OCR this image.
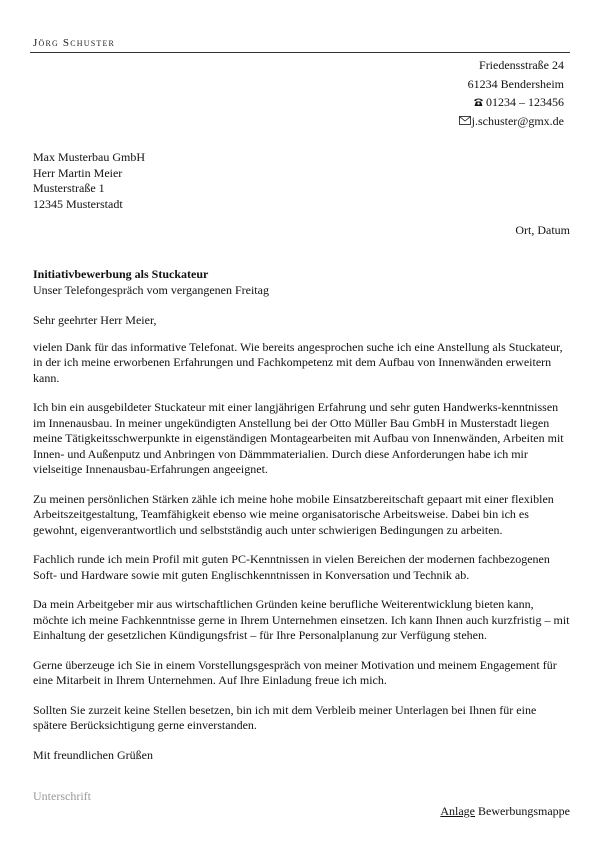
Jörg Schuster
Friedensstraße 24
61234 Bendersheim
01234 – 123456
j.schuster@gmx.de
Max Musterbau GmbH
Herr Martin Meier
Musterstraße 1
12345 Musterstadt
Ort, Datum
Initiativbewerbung als Stuckateur
Unser Telefongespräch vom vergangenen Freitag

Sehr geehrter Herr Meier,

vielen Dank für das informative Telefonat. Wie bereits angesprochen suche ich eine Anstellung als Stuckateur, in der ich meine erworbenen Erfahrungen und Fachkompetenz mit dem Aufbau von Innenwänden erweitern kann.

Ich bin ein ausgebildeter Stuckateur mit einer langjährigen Erfahrung und sehr guten Handwerks-kenntnissen im Innenausbau. In meiner ungekündigten Anstellung bei der Otto Müller Bau GmbH in Musterstadt liegen meine Tätigkeitsschwerpunkte in eigenständigen Montagearbeiten mit Aufbau von Innenwänden, Arbeiten mit Innen- und Außenputz und Anbringen von Dämmmaterialien. Durch diese Anforderungen habe ich mir vielseitige Innenausbau-Erfahrungen angeeignet.

Zu meinen persönlichen Stärken zähle ich meine hohe mobile Einsatzbereitschaft gepaart mit einer flexiblen Arbeitszeitgestaltung, Teamfähigkeit ebenso wie meine organisatorische Arbeitsweise. Dabei bin ich es gewohnt, eigenverantwortlich und selbstständig auch unter schwierigen Bedingungen zu arbeiten.

Fachlich runde ich mein Profil mit guten PC-Kenntnissen in vielen Bereichen der modernen fachbezogenen Soft- und Hardware sowie mit guten Englischkenntnissen in Konversation und Technik ab.

Da mein Arbeitgeber mir aus wirtschaftlichen Gründen keine berufliche Weiterentwicklung bieten kann, möchte ich meine Fachkenntnisse gerne in Ihrem Unternehmen einsetzen. Ich kann Ihnen auch kurzfristig – mit Einhaltung der gesetzlichen Kündigungsfrist – für Ihre Personalplanung zur Verfügung stehen.

Gerne überzeuge ich Sie in einem Vorstellungsgespräch von meiner Motivation und meinem Engagement für eine Mitarbeit in Ihrem Unternehmen. Auf Ihre Einladung freue ich mich.

Sollten Sie zurzeit keine Stellen besetzen, bin ich mit dem Verbleib meiner Unterlagen bei Ihnen für eine spätere Berücksichtigung gerne einverstanden.

Mit freundlichen Grüßen

Unterschrift
Anlage Bewerbungsmappe
